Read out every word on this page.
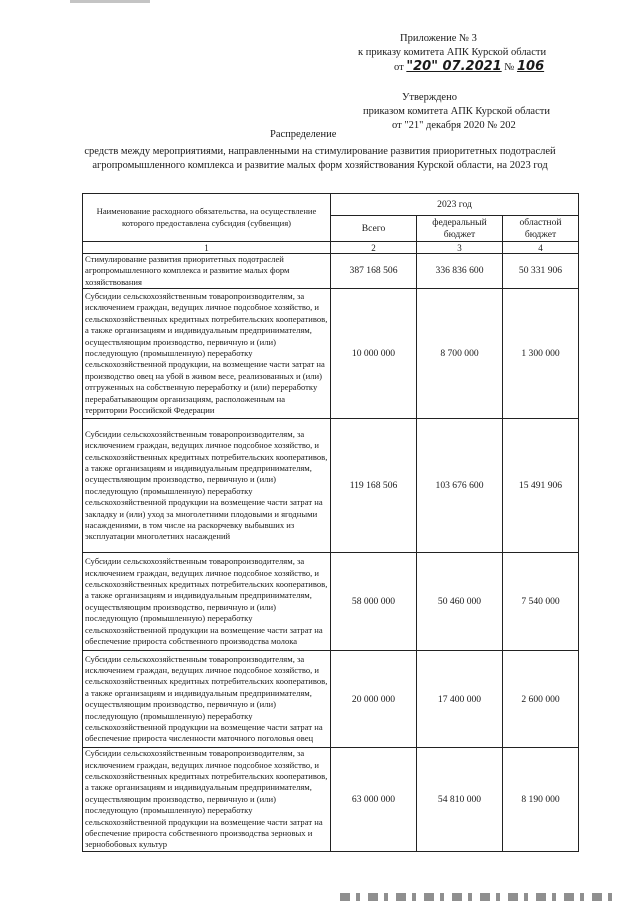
Приложение № 3
к приказу комитета АПК Курской области
от "20" 07.2021 № 106
Утверждено
приказом комитета АПК Курской области
от "21" декабря 2020 № 202
Распределение
средств между мероприятиями, направленными на стимулирование развития приоритетных подотраслей
агропромышленного комплекса и развитие малых форм хозяйствования Курской области, на 2023 год
Наименование расходного обязательства, на осуществление которого предоставлена субсидия (субвенция)	2023 год		
	Всего	федеральный бюджет	областной бюджет
1	2	3	4
Стимулирование развития приоритетных подотраслей агропромышленного комплекса и развитие малых форм хозяйствования	387 168 506	336 836 600	50 331 906
Субсидии сельскохозяйственным товаропроизводителям, за исключением граждан, ведущих личное подсобное хозяйство, и сельскохозяйственных кредитных потребительских кооперативов, а также организациям и индивидуальным предпринимателям, осуществляющим производство, первичную и (или) последующую (промышленную) переработку сельскохозяйственной продукции, на возмещение части затрат на производство овец на убой в живом весе, реализованных и (или) отгруженных на собственную переработку и (или) переработку перерабатывающим организациям, расположенным на территории Российской Федерации	10 000 000	8 700 000	1 300 000
Субсидии сельскохозяйственным товаропроизводителям, за исключением граждан, ведущих личное подсобное хозяйство, и сельскохозяйственных кредитных потребительских кооперативов, а также организациям и индивидуальным предпринимателям, осуществляющим производство, первичную и (или) последующую (промышленную) переработку сельскохозяйственной продукции на возмещение части затрат на закладку и (или) уход за многолетними плодовыми и ягодными насаждениями, в том числе на раскорчевку выбывших из эксплуатации многолетних насаждений	119 168 506	103 676 600	15 491 906
Субсидии сельскохозяйственным товаропроизводителям, за исключением граждан, ведущих личное подсобное хозяйство, и сельскохозяйственных кредитных потребительских кооперативов, а также организациям и индивидуальным предпринимателям, осуществляющим производство, первичную и (или) последующую (промышленную) переработку сельскохозяйственной продукции на возмещение части затрат на обеспечение прироста собственного производства молока	58 000 000	50 460 000	7 540 000
Субсидии сельскохозяйственным товаропроизводителям, за исключением граждан, ведущих личное подсобное хозяйство, и сельскохозяйственных кредитных потребительских кооперативов, а также организациям и индивидуальным предпринимателям, осуществляющим производство, первичную и (или) последующую (промышленную) переработку сельскохозяйственной продукции на возмещение части затрат на обеспечение прироста численности маточного поголовья овец	20 000 000	17 400 000	2 600 000
Субсидии сельскохозяйственным товаропроизводителям, за исключением граждан, ведущих личное подсобное хозяйство, и сельскохозяйственных кредитных потребительских кооперативов, а также организациям и индивидуальным предпринимателям, осуществляющим производство, первичную и (или) последующую (промышленную) переработку сельскохозяйственной продукции на возмещение части затрат на обеспечение прироста собственного производства зерновых и зернобобовых культур	63 000 000	54 810 000	8 190 000
